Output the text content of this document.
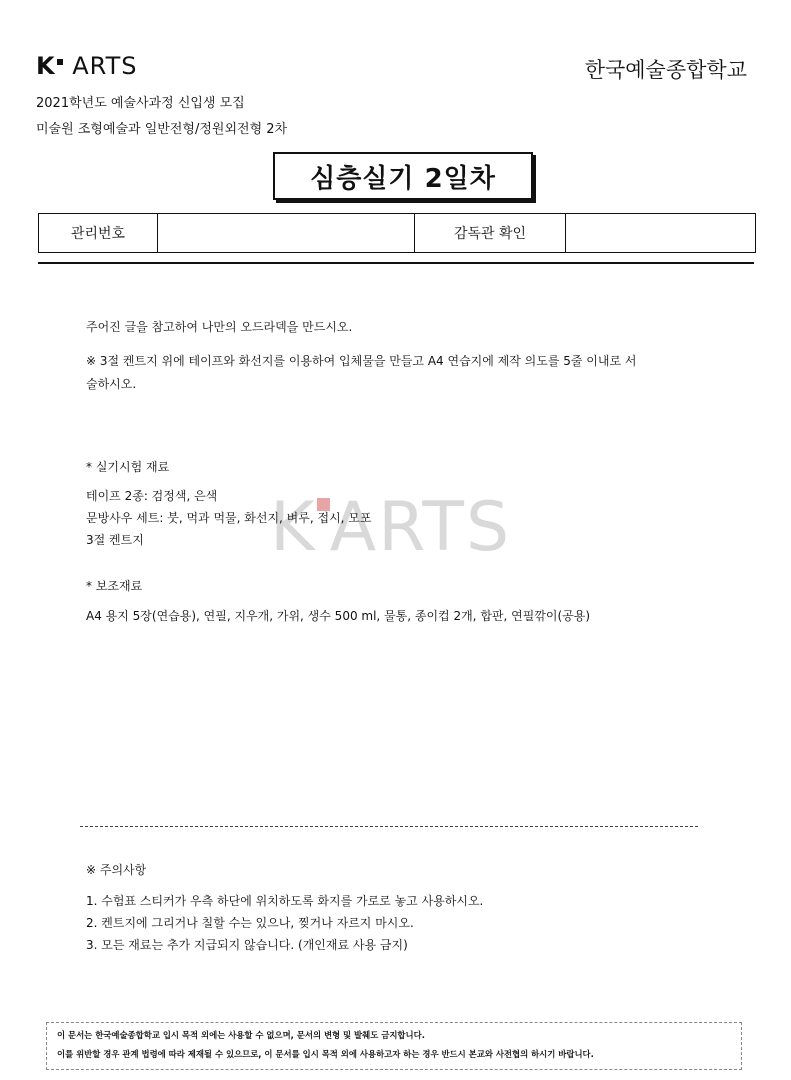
K ARTS	한국예술종합학교
2021학년도 예술사과정 신입생 모집
미술원 조형예술과 일반전형/정원외전형 2차
심층실기 2일차
관리번호	감독관 확인
주어진 글을 참고하여 나만의 오드라덱을 만드시오.
※ 3절 켄트지 위에 테이프와 화선지를 이용하여 입체물을 만들고 A4 연습지에 제작 의도를 5줄 이내로 서
술하시오.
K ARTS
* 실기시험 재료
테이프 2종: 검정색, 은색
문방사우 세트: 붓, 먹과 먹물, 화선지, 벼루, 접시, 모포
3절 켄트지
* 보조재료
A4 용지 5장(연습용), 연필, 지우개, 가위, 생수 500 ml, 물통, 종이컵 2개, 합판, 연필깎이(공용)
※ 주의사항
1. 수험표 스티커가 우측 하단에 위치하도록 화지를 가로로 놓고 사용하시오.
2. 켄트지에 그리거나 칠할 수는 있으나, 찢거나 자르지 마시오.
3. 모든 재료는 추가 지급되지 않습니다. (개인재료 사용 금지)
이 문서는 한국예술종합학교 입시 목적 외에는 사용할 수 없으며, 문서의 변형 및 발췌도 금지합니다.
이를 위반할 경우 관계 법령에 따라 제재될 수 있으므로, 이 문서를 입시 목적 외에 사용하고자 하는 경우 반드시 본교와 사전협의 하시기 바랍니다.
